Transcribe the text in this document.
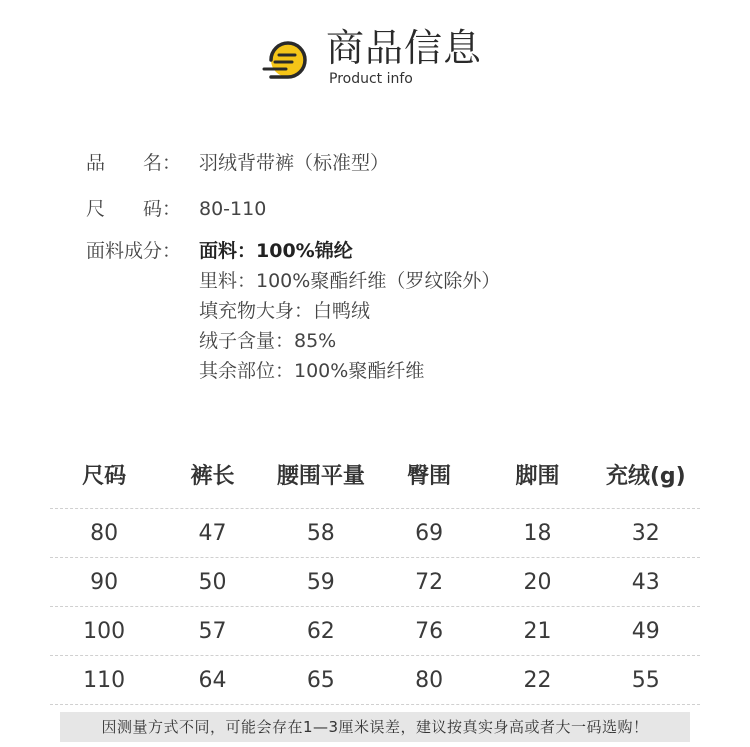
商品信息
Product info
品　　名： 羽绒背带裤（标准型）
尺　　码： 80-110
面料成分： 面料：100%锦纶
里料：100%聚酯纤维（罗纹除外）
填充物大身：白鸭绒
绒子含量：85%
其余部位：100%聚酯纤维
尺码	裤长	腰围平量	臀围	脚围	充绒(g)
80	47	58	69	18	32
90	50	59	72	20	43
100	57	62	76	21	49
110	64	65	80	22	55
因测量方式不同，可能会存在1—3厘米误差，建议按真实身高或者大一码选购！
